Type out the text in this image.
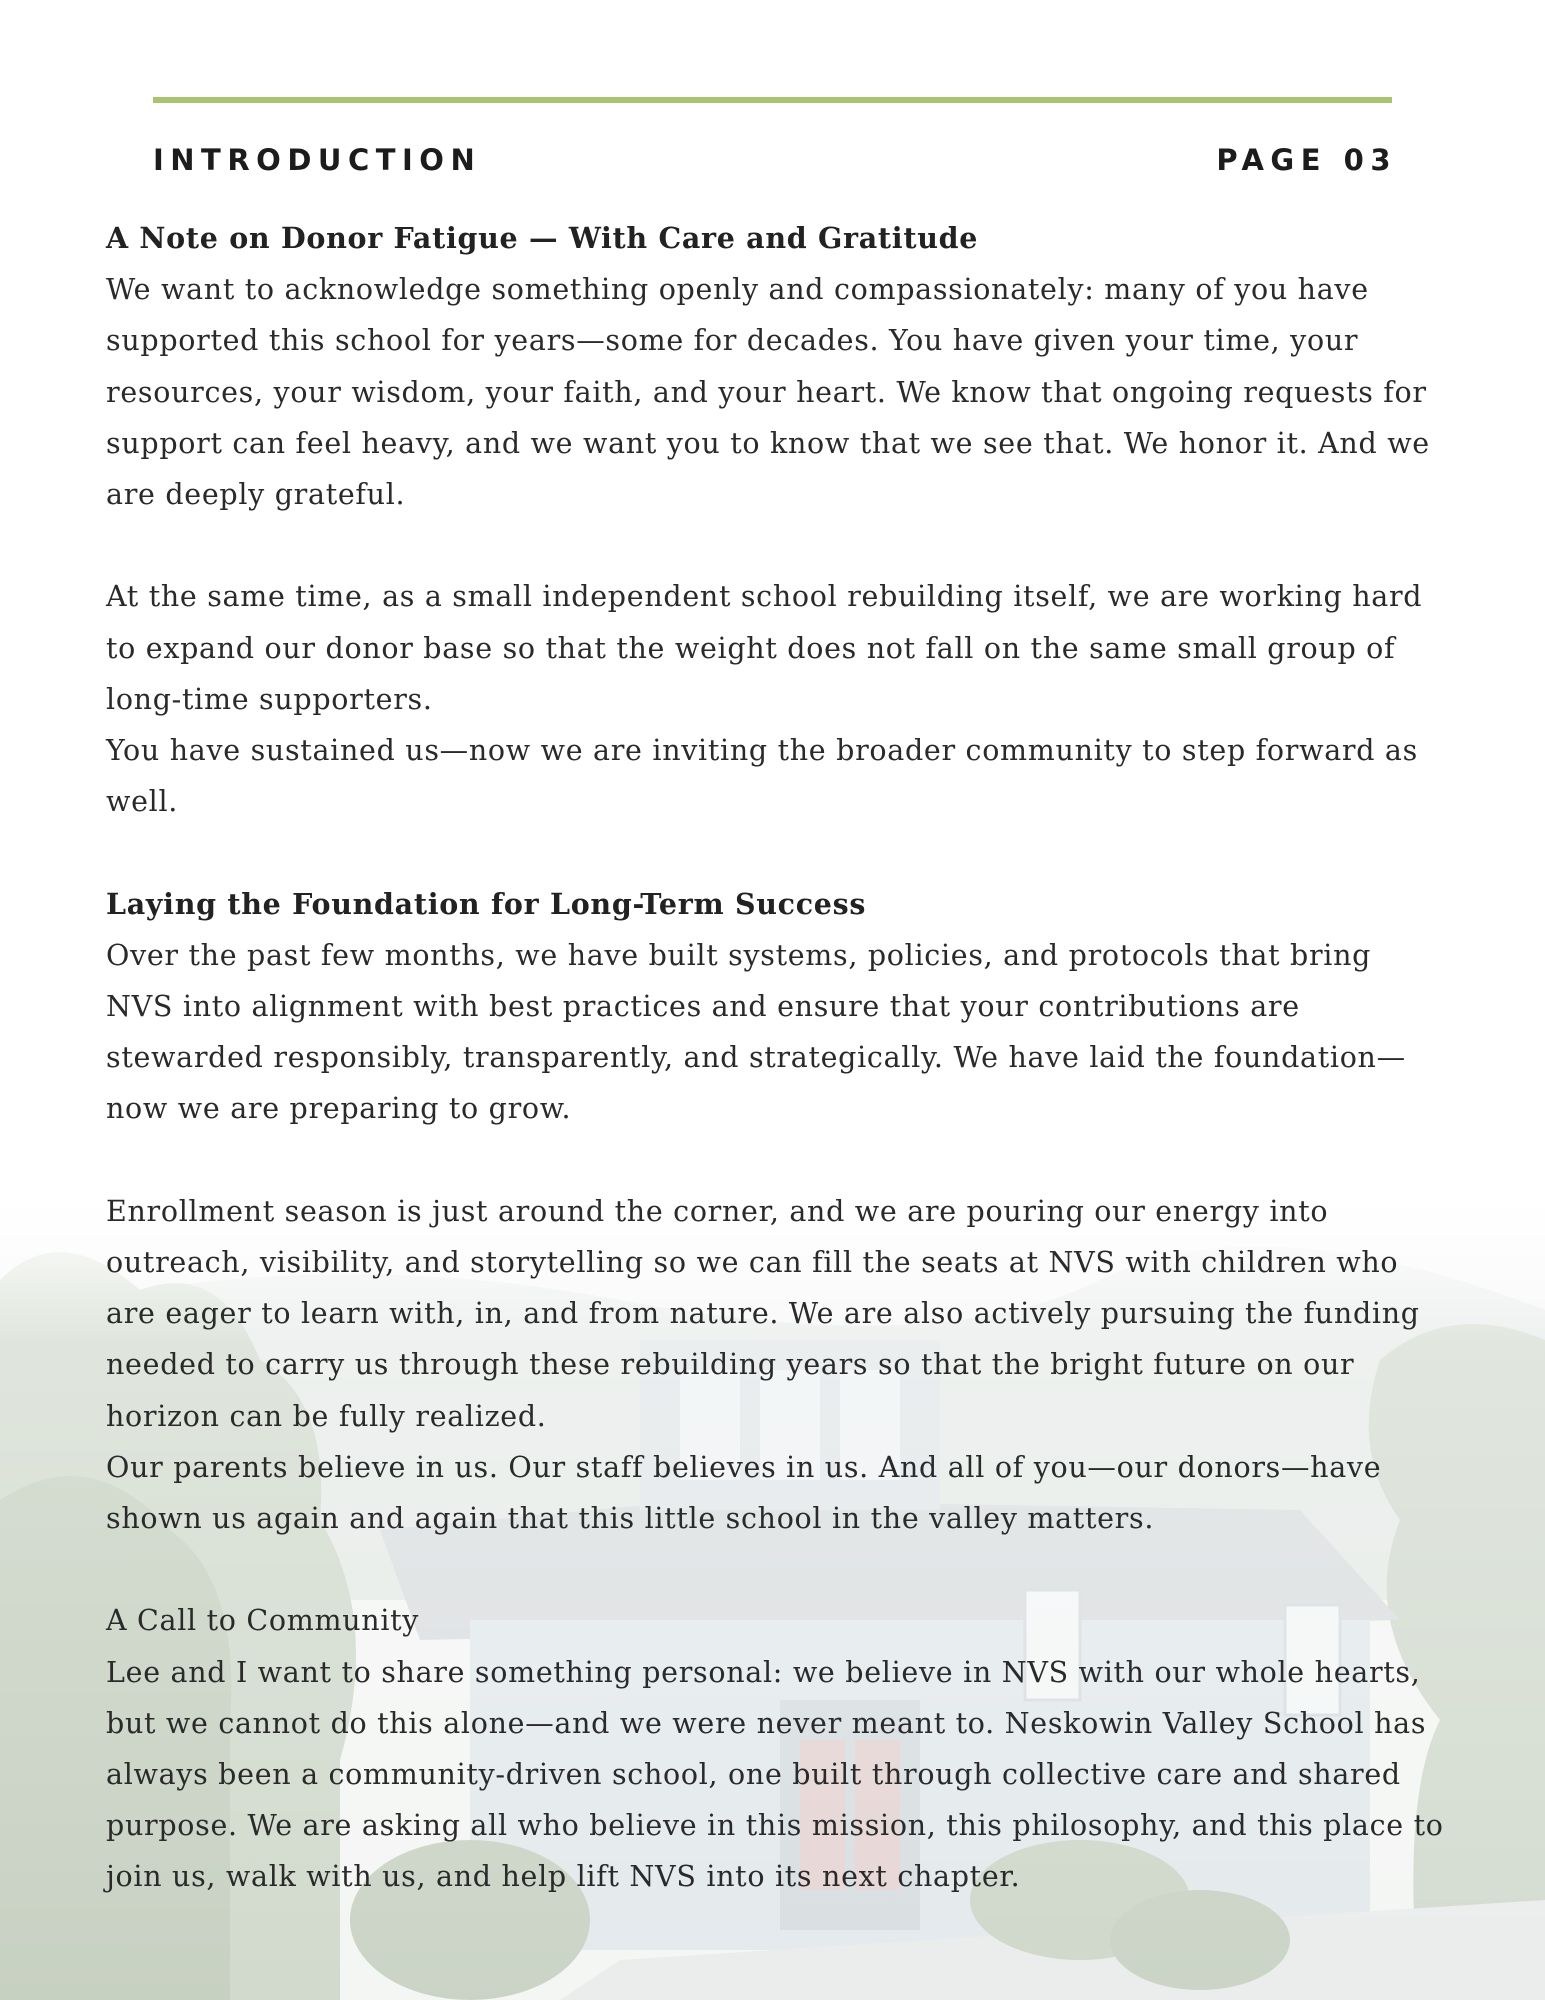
INTRODUCTION	PAGE 03

A Note on Donor Fatigue — With Care and Gratitude

We want to acknowledge something openly and compassionately: many of you have supported this school for years—some for decades. You have given your time, your resources, your wisdom, your faith, and your heart. We know that ongoing requests for support can feel heavy, and we want you to know that we see that. We honor it. And we are deeply grateful.

At the same time, as a small independent school rebuilding itself, we are working hard to expand our donor base so that the weight does not fall on the same small group of long-time supporters.

You have sustained us—now we are inviting the broader community to step forward as well.

Laying the Foundation for Long-Term Success

Over the past few months, we have built systems, policies, and protocols that bring NVS into alignment with best practices and ensure that your contributions are stewarded responsibly, transparently, and strategically. We have laid the foundation—now we are preparing to grow.

Enrollment season is just around the corner, and we are pouring our energy into outreach, visibility, and storytelling so we can fill the seats at NVS with children who are eager to learn with, in, and from nature. We are also actively pursuing the funding needed to carry us through these rebuilding years so that the bright future on our horizon can be fully realized.

Our parents believe in us. Our staff believes in us. And all of you—our donors—have shown us again and again that this little school in the valley matters.

A Call to Community

Lee and I want to share something personal: we believe in NVS with our whole hearts, but we cannot do this alone—and we were never meant to. Neskowin Valley School has always been a community-driven school, one built through collective care and shared purpose. We are asking all who believe in this mission, this philosophy, and this place to join us, walk with us, and help lift NVS into its next chapter.
